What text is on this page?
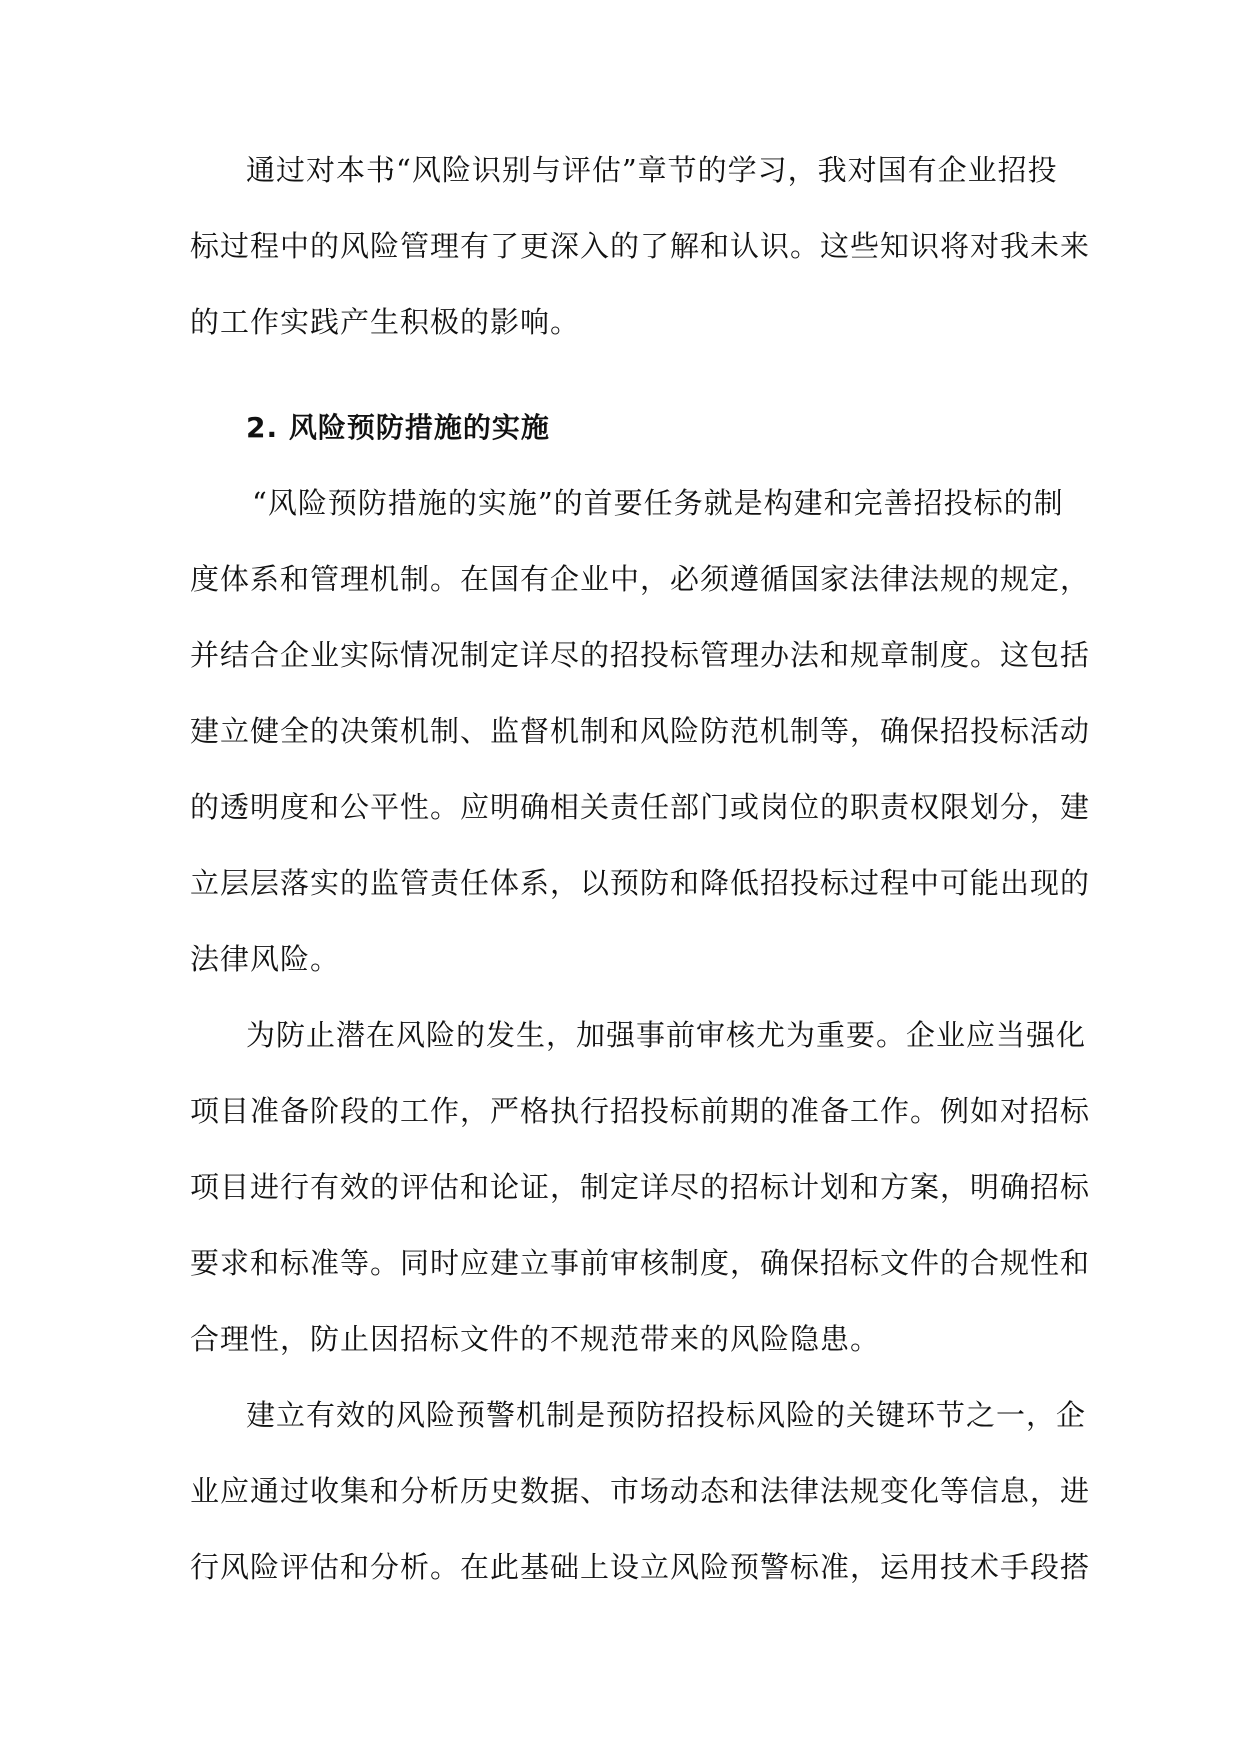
通过对本书“风险识别与评估”章节的学习，我对国有企业招投
标过程中的风险管理有了更深入的了解和认识。这些知识将对我未来
的工作实践产生积极的影响。
2. 风险预防措施的实施
“风险预防措施的实施”的首要任务就是构建和完善招投标的制
度体系和管理机制。在国有企业中，必须遵循国家法律法规的规定，
并结合企业实际情况制定详尽的招投标管理办法和规章制度。这包括
建立健全的决策机制、监督机制和风险防范机制等，确保招投标活动
的透明度和公平性。应明确相关责任部门或岗位的职责权限划分，建
立层层落实的监管责任体系，以预防和降低招投标过程中可能出现的
法律风险。
为防止潜在风险的发生，加强事前审核尤为重要。企业应当强化
项目准备阶段的工作，严格执行招投标前期的准备工作。例如对招标
项目进行有效的评估和论证，制定详尽的招标计划和方案，明确招标
要求和标准等。同时应建立事前审核制度，确保招标文件的合规性和
合理性，防止因招标文件的不规范带来的风险隐患。
建立有效的风险预警机制是预防招投标风险的关键环节之一，企
业应通过收集和分析历史数据、市场动态和法律法规变化等信息，进
行风险评估和分析。在此基础上设立风险预警标准，运用技术手段搭
